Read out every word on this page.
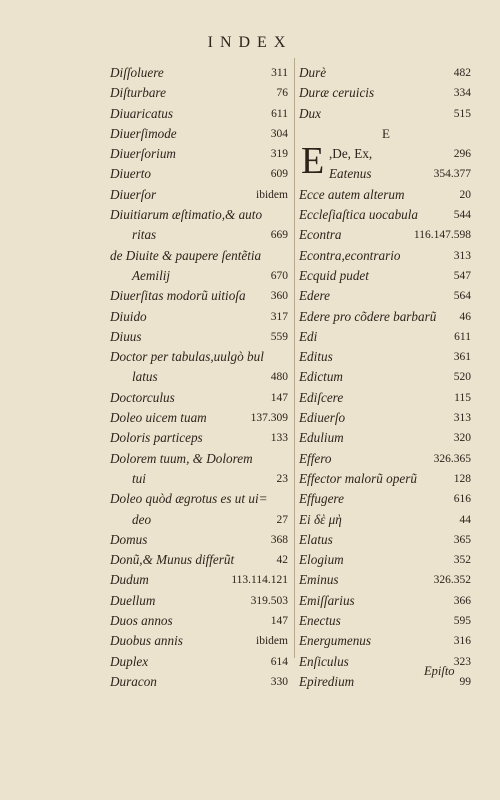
INDEX
Diſſoluere	311
Diſturbare	76
Diuaricatus	611
Diuerſimode	304
Diuerſorium	319
Diuerto	609
Diuerſor	ibidem
Diuitiarum æſtimatio,& auto
ritas	669
de Diuite & paupere ſentẽtia
Aemilij	670
Diuerſitas modorũ uitioſa 360
Diuido	317
Diuus	559
Doctor per tabulas,uulgò bul
latus	480
Doctorculus	147
Doleo uicem tuam	137.309
Doloris particeps	133
Dolorem tuum, & Dolorem
tui	23
Doleo quòd ægrotus es ut ui=
deo	27
Domus	368
Donũ,& Munus differũt	42
Dudum	113.114.121
Duellum	319.503
Duos annos	147
Duobus annis	ibidem
Duplex	614
Duracon	330
Durè	482
Duræ ceruicis	334
Dux	515
E
E ,De, Ex,	296
Eatenus	354.377
Ecce autem alterum	20
Eccleſiaſtica uocabula	544
Econtra	116.147.598
Econtra,econtrario	313
Ecquid pudet	547
Edere	564
Edere pro cõdere barbarũ 46
Edi	611
Editus	361
Edictum	520
Ediſcere	115
Ediuerſo	313
Edulium	320
Effero	326.365
Effector malorũ operũ	128
Effugere	616
Ei δὲ μὴ	44
Elatus	365
Elogium	352
Eminus	326.352
Emiſſarius	366
Enectus	595
Energumenus	316
Enſiculus	323
Epiredium	99
Epiſto
